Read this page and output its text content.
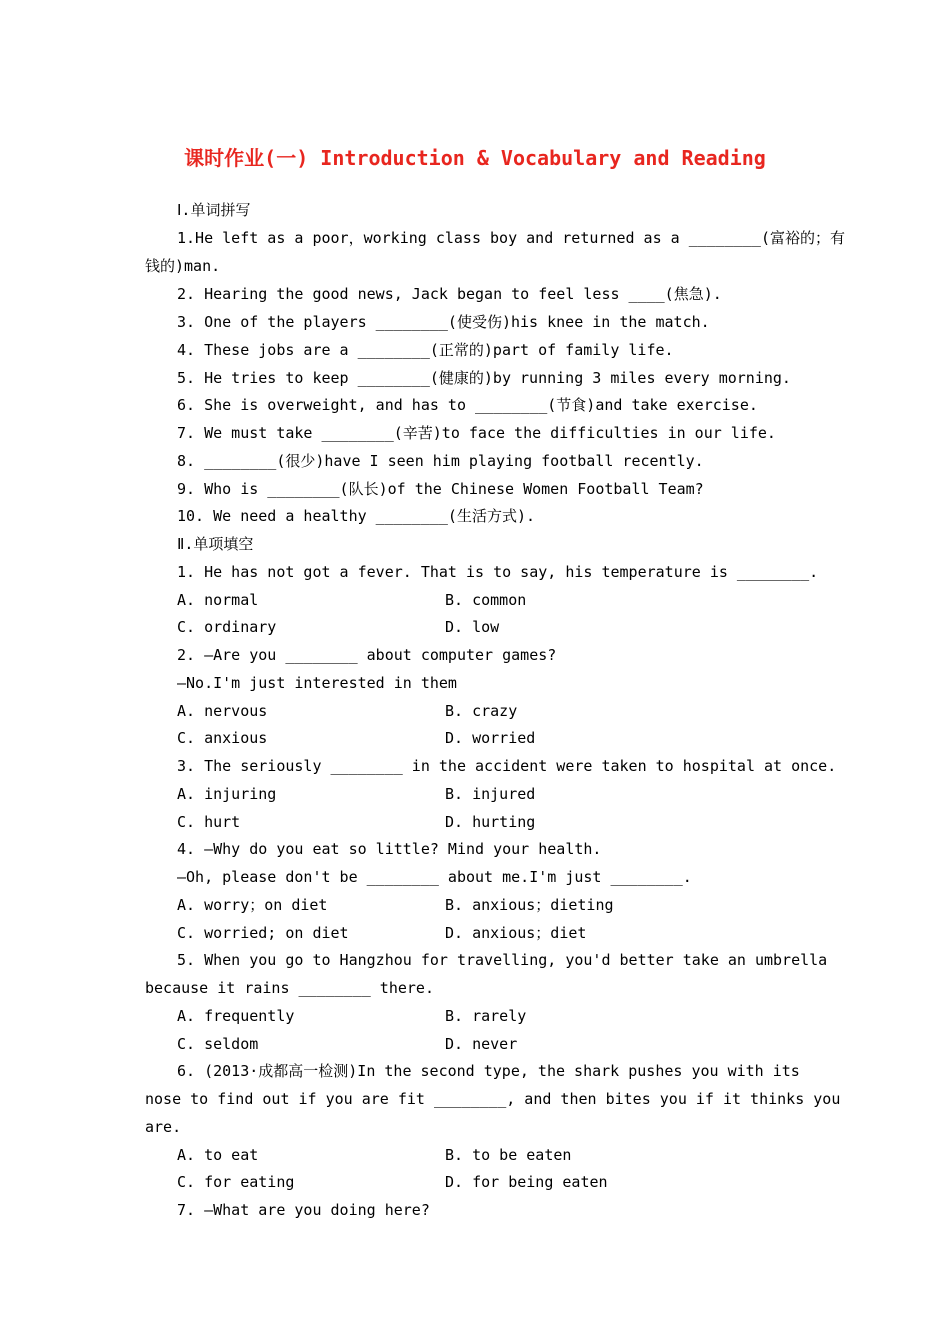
课时作业(一) Introduction & Vocabulary and Reading
Ⅰ.单词拼写
1.He left as a poor，working class boy and returned as a ________(富裕的；有
钱的)man.
2. Hearing the good news, Jack began to feel less ____(焦急).
3. One of the players ________(使受伤)his knee in the match.
4. These jobs are a ________(正常的)part of family life.
5. He tries to keep ________(健康的)by running 3 miles every morning.
6. She is overweight, and has to ________(节食)and take exercise.
7. We must take ________(辛苦)to face the difficulties in our life.
8. ________(很少)have I seen him playing football recently.
9. Who is ________(队长)of the Chinese Women Football Team?
10. We need a healthy ________(生活方式).
Ⅱ.单项填空
1. He has not got a fever. That is to say, his temperature is ________.
A. normal	B. common
C. ordinary	D. low
2. —Are you ________ about computer games?
—No.I'm just interested in them
A. nervous	B. crazy
C. anxious	D. worried
3. The seriously ________ in the accident were taken to hospital at once.
A. injuring	B. injured
C. hurt	D. hurting
4. —Why do you eat so little? Mind your health.
—Oh, please don't be ________ about me.I'm just ________.
A. worry；on diet	B. anxious；dieting
C. worried; on diet	D. anxious；diet
5. When you go to Hangzhou for travelling, you'd better take an umbrella
because it rains ________ there.
A. frequently	B. rarely
C. seldom	D. never
6. (2013·成都高一检测)In the second type, the shark pushes you with its
nose to find out if you are fit ________, and then bites you if it thinks you
are.
A. to eat	B. to be eaten
C. for eating	D. for being eaten
7. —What are you doing here?
